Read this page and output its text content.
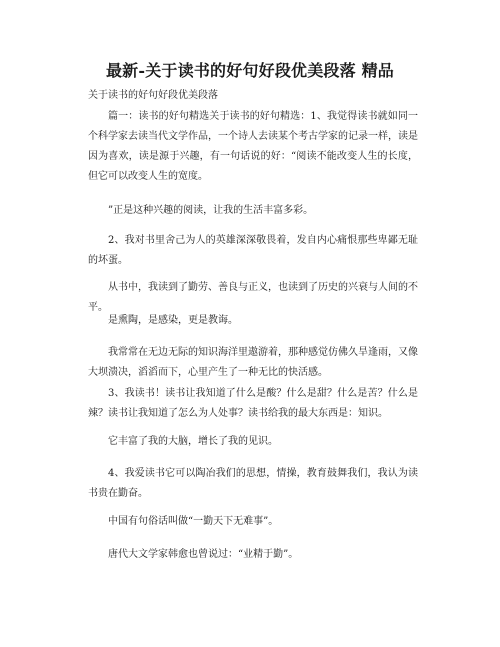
最新-关于读书的好句好段优美段落 精品
关于读书的好句好段优美段落

篇一：读书的好句精选关于读书的好句精选：1、我觉得读书就如同一个科学家去读当代文学作品，一个诗人去读某个考古学家的记录一样，读是因为喜欢，读是源于兴趣，有一句话说的好：“阅读不能改变人生的长度，但它可以改变人生的宽度。

”正是这种兴趣的阅读，让我的生活丰富多彩。

2、我对书里舍己为人的英雄深深敬畏着，发自内心痛恨那些卑鄙无耻的坏蛋。

从书中，我读到了勤劳、善良与正义，也读到了历史的兴衰与人间的不平。

是熏陶，是感染，更是教诲。

我常常在无边无际的知识海洋里遨游着，那种感觉仿佛久旱逢雨，又像大坝溃决，滔滔而下，心里产生了一种无比的快活感。

3、我读书！读书让我知道了什么是酸？什么是甜？什么是苦？什么是辣？读书让我知道了怎么为人处事？读书给我的最大东西是：知识。

它丰富了我的大脑，增长了我的见识。

4、我爱读书它可以陶冶我们的思想，情操，教育鼓舞我们，我认为读书贵在勤奋。

中国有句俗话叫做“一勤天下无难事”。

唐代大文学家韩愈也曾说过：“业精于勤”。
